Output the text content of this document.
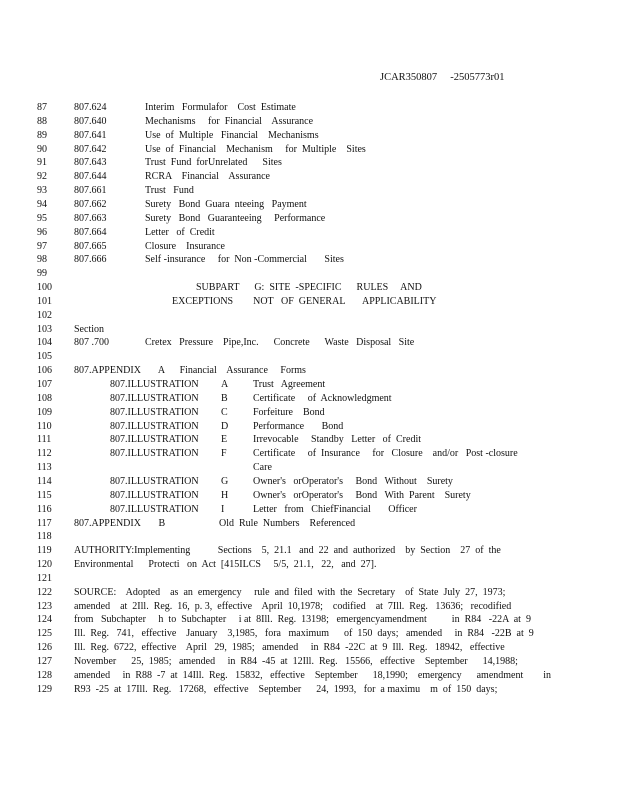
JCAR350807     -2505773r01
87	807.624	Interim   Formulafor    Cost  Estimate
88	807.640	Mechanisms     for  Financial    Assurance
89	807.641	Use  of  Multiple   Financial    Mechanisms
90	807.642	Use  of  Financial    Mechanism     for  Multiple    Sites
91	807.643	Trust  Fund  forUnrelated      Sites
92	807.644	RCRA    Financial    Assurance
93	807.661	Trust   Fund
94	807.662	Surety   Bond  Guara  nteeing   Payment
95	807.663	Surety   Bond   Guaranteeing     Performance
96	807.664	Letter   of  Credit
97	807.665	Closure    Insurance
98	807.666	Self -insurance     for  Non -Commercial       Sites
99
100	SUBPART      G:  SITE  -SPECIFIC      RULES     AND
101	EXCEPTIONS        NOT   OF  GENERAL       APPLICABILITY
102
103	Section
104	807 .700	Cretex   Pressure    Pipe,Inc.      Concrete      Waste   Disposal   Site
105
106	807.APPENDIX       A      Financial    Assurance     Forms
107	807.ILLUSTRATION A Trust   Agreement
108	807.ILLUSTRATION B	Certificate     of  Acknowledgment
109	807.ILLUSTRATION C	Forfeiture    Bond
110	807.ILLUSTRATION D Performance       Bond
111	807.ILLUSTRATION E	Irrevocable     Standby   Letter   of  Credit
112	807.ILLUSTRATION F	Certificate     of  Insurance     for   Closure    and/or   Post -closure
113	Care
114	807.ILLUSTRATION G Owner's   orOperator's     Bond   Without    Surety
115	807.ILLUSTRATION H Owner's   orOperator's     Bond   With  Parent    Surety
116	807.ILLUSTRATION I	Letter   from   ChiefFinancial       Officer
117	807.APPENDIX       B	Old  Rule  Numbers    Referenced
118
119	AUTHORITY:Implementing           Sections    5,  21.1   and  22  and  authorized    by  Section    27  of  the
120	Environmental      Protecti   on  Act  [415ILCS     5/5,  21.1,   22,   and  27].
121
122	SOURCE:    Adopted    as  an  emergency     rule  and  filed  with  the  Secretary    of  State  July  27,  1973;
123	amended    at  2Ill.  Reg.  16,  p. 3,  effective    April  10,1978;    codified    at  7Ill.  Reg.   13636;   recodified
124	from   Subchapter     h  to  Subchapter     i at  8Ill.  Reg.  13198;   emergencyamendment          in  R84   -22A  at  9
125	Ill.  Reg.   741,   effective    January    3,1985,   fora   maximum      of  150  days;   amended     in  R84   -22B  at  9
126	Ill.  Reg.  6722,  effective    April   29,  1985;   amended     in  R84  -22C  at  9  Ill.  Reg.   18942,   effective
127	November      25,  1985;   amended     in  R84  -45  at  12Ill.  Reg.   15566,   effective    September      14,1988;
128	amended     in  R88  -7  at  14Ill.  Reg.   15832,   effective    September      18,1990;    emergency      amendment        in
129	R93  -25  at  17Ill.  Reg.   17268,   effective    September      24,  1993,   for  a maximu    m  of  150  days;
